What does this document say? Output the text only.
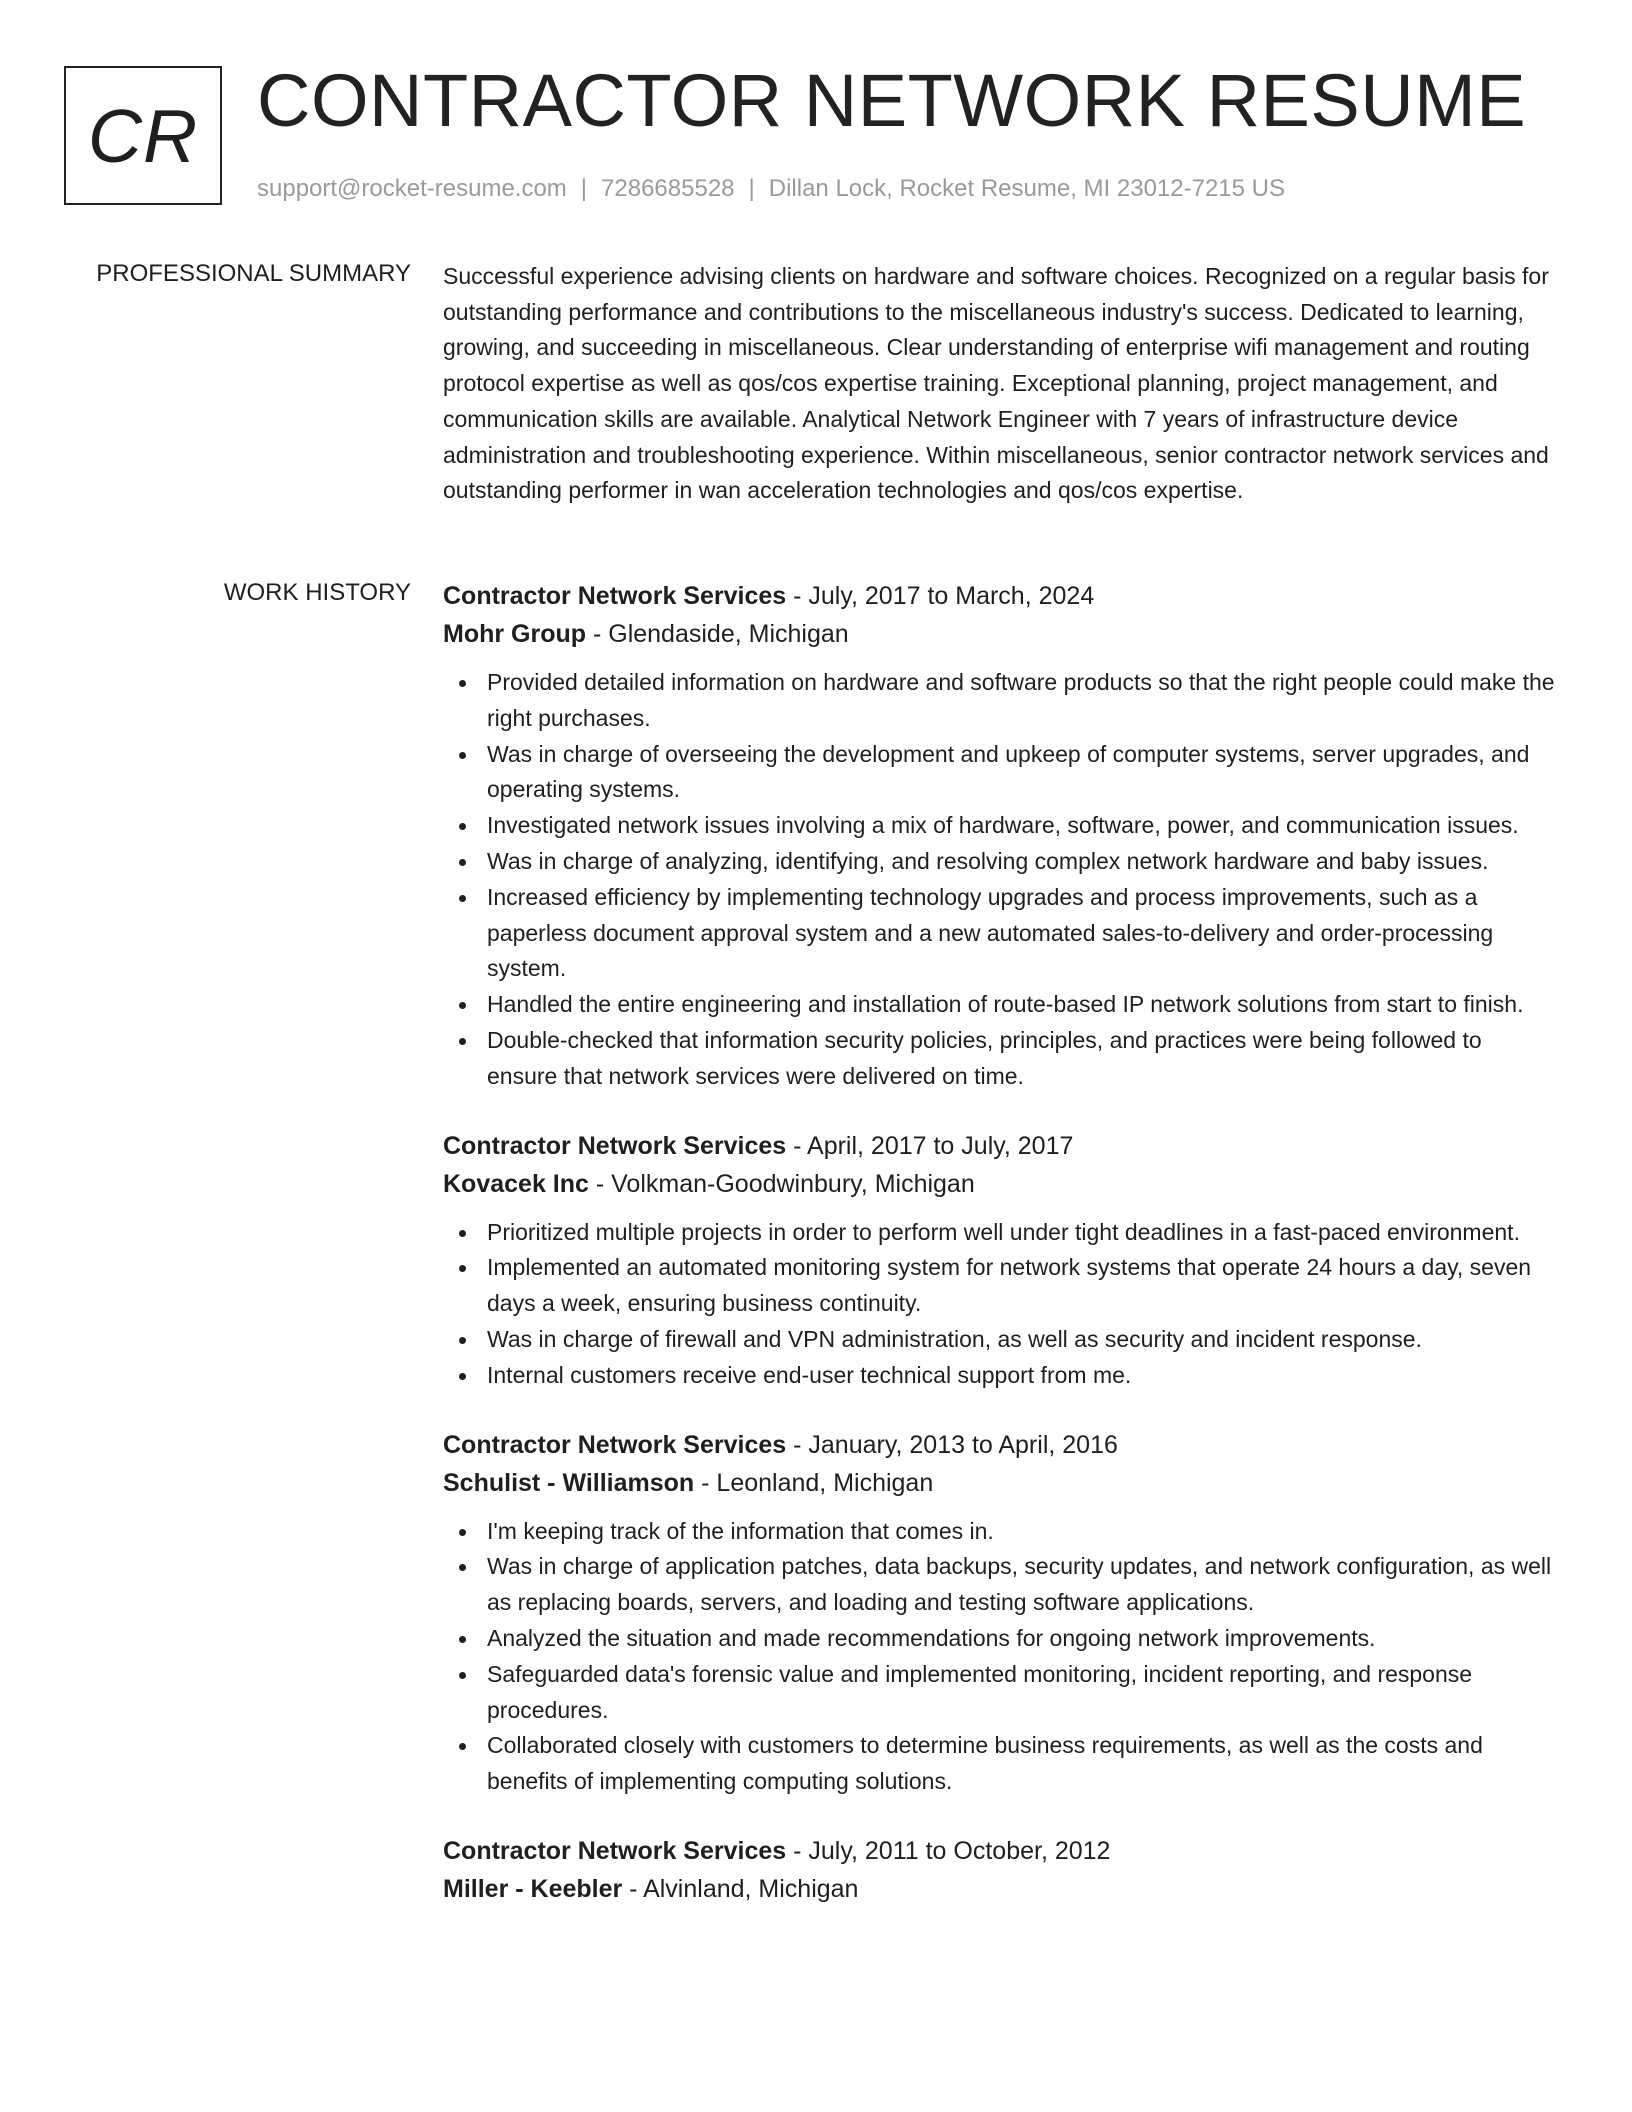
CR CONTRACTOR NETWORK RESUME
support@rocket-resume.com | 7286685528 | Dillan Lock, Rocket Resume, MI 23012-7215 US
PROFESSIONAL SUMMARY Successful experience advising clients on hardware and software choices. Recognized on a regular basis for outstanding performance and contributions to the miscellaneous industry's success. Dedicated to learning, growing, and succeeding in miscellaneous. Clear understanding of enterprise wifi management and routing protocol expertise as well as qos/cos expertise training. Exceptional planning, project management, and communication skills are available. Analytical Network Engineer with 7 years of infrastructure device administration and troubleshooting experience. Within miscellaneous, senior contractor network services and outstanding performer in wan acceleration technologies and qos/cos expertise.
WORK HISTORY Contractor Network Services - July, 2017 to March, 2024
Mohr Group - Glendaside, Michigan
Provided detailed information on hardware and software products so that the right people could make the right purchases.
Was in charge of overseeing the development and upkeep of computer systems, server upgrades, and operating systems.
Investigated network issues involving a mix of hardware, software, power, and communication issues.
Was in charge of analyzing, identifying, and resolving complex network hardware and baby issues.
Increased efficiency by implementing technology upgrades and process improvements, such as a paperless document approval system and a new automated sales-to-delivery and order-processing system.
Handled the entire engineering and installation of route-based IP network solutions from start to finish.
Double-checked that information security policies, principles, and practices were being followed to ensure that network services were delivered on time.
Contractor Network Services - April, 2017 to July, 2017
Kovacek Inc - Volkman-Goodwinbury, Michigan
Prioritized multiple projects in order to perform well under tight deadlines in a fast-paced environment.
Implemented an automated monitoring system for network systems that operate 24 hours a day, seven days a week, ensuring business continuity.
Was in charge of firewall and VPN administration, as well as security and incident response.
Internal customers receive end-user technical support from me.
Contractor Network Services - January, 2013 to April, 2016
Schulist - Williamson - Leonland, Michigan
I'm keeping track of the information that comes in.
Was in charge of application patches, data backups, security updates, and network configuration, as well as replacing boards, servers, and loading and testing software applications.
Analyzed the situation and made recommendations for ongoing network improvements.
Safeguarded data's forensic value and implemented monitoring, incident reporting, and response procedures.
Collaborated closely with customers to determine business requirements, as well as the costs and benefits of implementing computing solutions.
Contractor Network Services - July, 2011 to October, 2012
Miller - Keebler - Alvinland, Michigan
